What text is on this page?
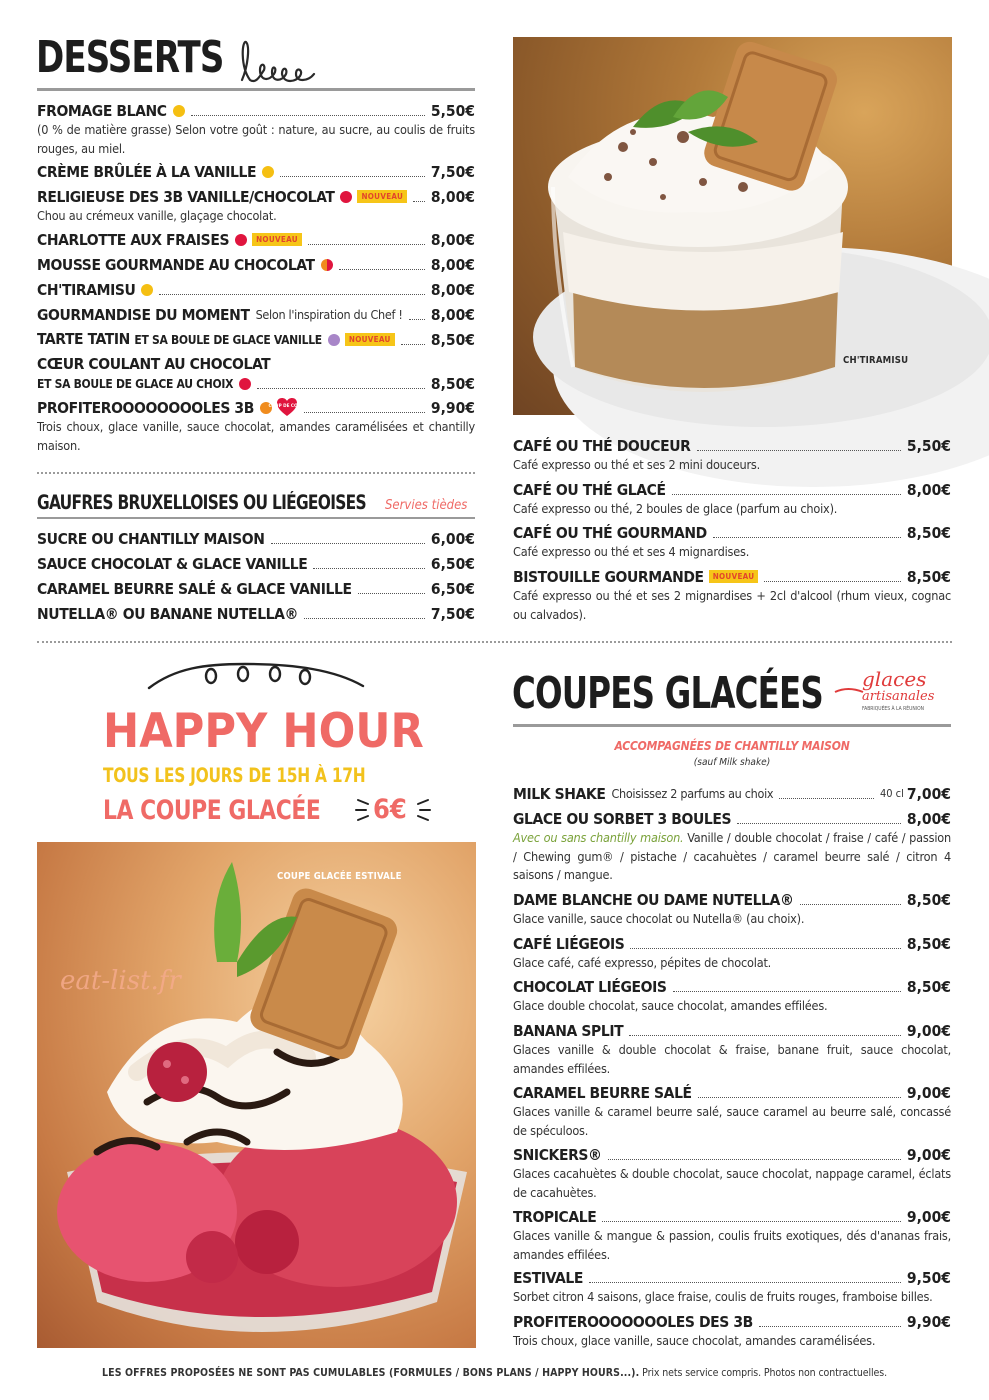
DESSERTS
FROMAGE BLANC	5,50€
(0 % de matière grasse) Selon votre goût : nature, au sucre, au coulis de fruits rouges, au miel.
CRÈME BRÛLÉE À LA VANILLE	7,50€
RELIGIEUSE DES 3B VANILLE/CHOCOLAT	NOUVEAU 8,00€
Chou au crémeux vanille, glaçage chocolat.
CHARLOTTE AUX FRAISES	NOUVEAU	8,00€
MOUSSE GOURMANDE AU CHOCOLAT	8,00€
CH'TIRAMISU	8,00€
GOURMANDISE DU MOMENT Selon l'inspiration du Chef ! 8,00€
TARTE TATIN ET SA BOULE DE GLACE VANILLE	NOUVEAU	8,50€
CŒUR COULANT AU CHOCOLAT
ET SA BOULE DE GLACE AU CHOIX	8,50€
PROFITEROOOOOOOOLES 3B	COUP DE CŒUR	9,90€
Trois choux, glace vanille, sauce chocolat, amandes caramélisées et chantilly maison.
GAUFRES BRUXELLOISES OU LIÉGEOISES Servies tièdes
SUCRE OU CHANTILLY MAISON	6,00€
SAUCE CHOCOLAT & GLACE VANILLE	6,50€
CARAMEL BEURRE SALÉ & GLACE VANILLE	6,50€
NUTELLA® OU BANANE NUTELLA®	7,50€
CH'TIRAMISU
CAFÉ OU THÉ DOUCEUR	5,50€
Café expresso ou thé et ses 2 mini douceurs.
CAFÉ OU THÉ GLACÉ	8,00€
Café expresso ou thé, 2 boules de glace (parfum au choix).
CAFÉ OU THÉ GOURMAND	8,50€
Café expresso ou thé et ses 4 mignardises.
BISTOUILLE GOURMANDE	NOUVEAU	8,50€
Café expresso ou thé et ses 2 mignardises + 2cl d'alcool (rhum vieux, cognac ou calvados).
HAPPY HOUR
TOUS LES JOURS DE 15H À 17H
LA COUPE GLACÉE 6€
COUPE GLACÉE ESTIVALE
eat-list.fr
COUPES GLACÉES glaces
artisanales
FABRIQUÉES À LA RÉUNION
ACCOMPAGNÉES DE CHANTILLY MAISON
(sauf Milk shake)
MILK SHAKE Choisissez 2 parfums au choix	40 cl 7,00€
GLACE OU SORBET 3 BOULES	8,00€
Avec ou sans chantilly maison. Vanille / double chocolat / fraise / café / passion / Chewing gum® / pistache / cacahuètes / caramel beurre salé / citron 4 saisons / mangue.
DAME BLANCHE OU DAME NUTELLA®	8,50€
Glace vanille, sauce chocolat ou Nutella® (au choix).
CAFÉ LIÉGEOIS	8,50€
Glace café, café expresso, pépites de chocolat.
CHOCOLAT LIÉGEOIS	8,50€
Glace double chocolat, sauce chocolat, amandes effilées.
BANANA SPLIT	9,00€
Glaces vanille & double chocolat & fraise, banane fruit, sauce chocolat, amandes effilées.
CARAMEL BEURRE SALÉ	9,00€
Glaces vanille & caramel beurre salé, sauce caramel au beurre salé, concassé de spéculoos.
SNICKERS®	9,00€
Glaces cacahuètes & double chocolat, sauce chocolat, nappage caramel, éclats de cacahuètes.
TROPICALE	9,00€
Glaces vanille & mangue & passion, coulis fruits exotiques, dés d'ananas frais, amandes effilées.
ESTIVALE	9,50€
Sorbet citron 4 saisons, glace fraise, coulis de fruits rouges, framboise billes.
PROFITEROOOOOOOLES DES 3B	9,90€
Trois choux, glace vanille, sauce chocolat, amandes caramélisées.
LES OFFRES PROPOSÉES NE SONT PAS CUMULABLES (FORMULES / BONS PLANS / HAPPY HOURS...). Prix nets service compris. Photos non contractuelles.
